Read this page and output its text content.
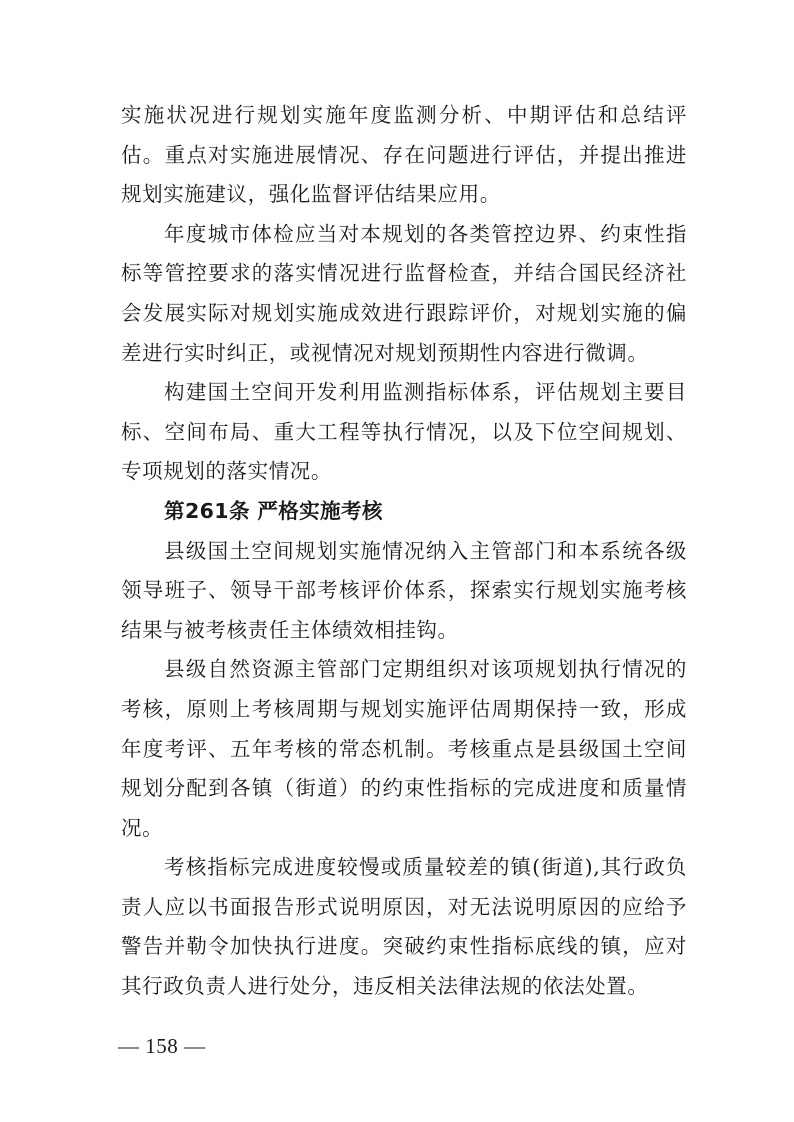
实施状况进行规划实施年度监测分析、中期评估和总结评估。重点对实施进展情况、存在问题进行评估，并提出推进规划实施建议，强化监督评估结果应用。

年度城市体检应当对本规划的各类管控边界、约束性指标等管控要求的落实情况进行监督检查，并结合国民经济社会发展实际对规划实施成效进行跟踪评价，对规划实施的偏差进行实时纠正，或视情况对规划预期性内容进行微调。

构建国土空间开发利用监测指标体系，评估规划主要目标、空间布局、重大工程等执行情况，以及下位空间规划、专项规划的落实情况。

第261条 严格实施考核

县级国土空间规划实施情况纳入主管部门和本系统各级领导班子、领导干部考核评价体系，探索实行规划实施考核结果与被考核责任主体绩效相挂钩。

县级自然资源主管部门定期组织对该项规划执行情况的考核，原则上考核周期与规划实施评估周期保持一致，形成年度考评、五年考核的常态机制。考核重点是县级国土空间规划分配到各镇（街道）的约束性指标的完成进度和质量情况。

考核指标完成进度较慢或质量较差的镇(街道),其行政负责人应以书面报告形式说明原因，对无法说明原因的应给予警告并勒令加快执行进度。突破约束性指标底线的镇，应对其行政负责人进行处分，违反相关法律法规的依法处置。

— 158 —
